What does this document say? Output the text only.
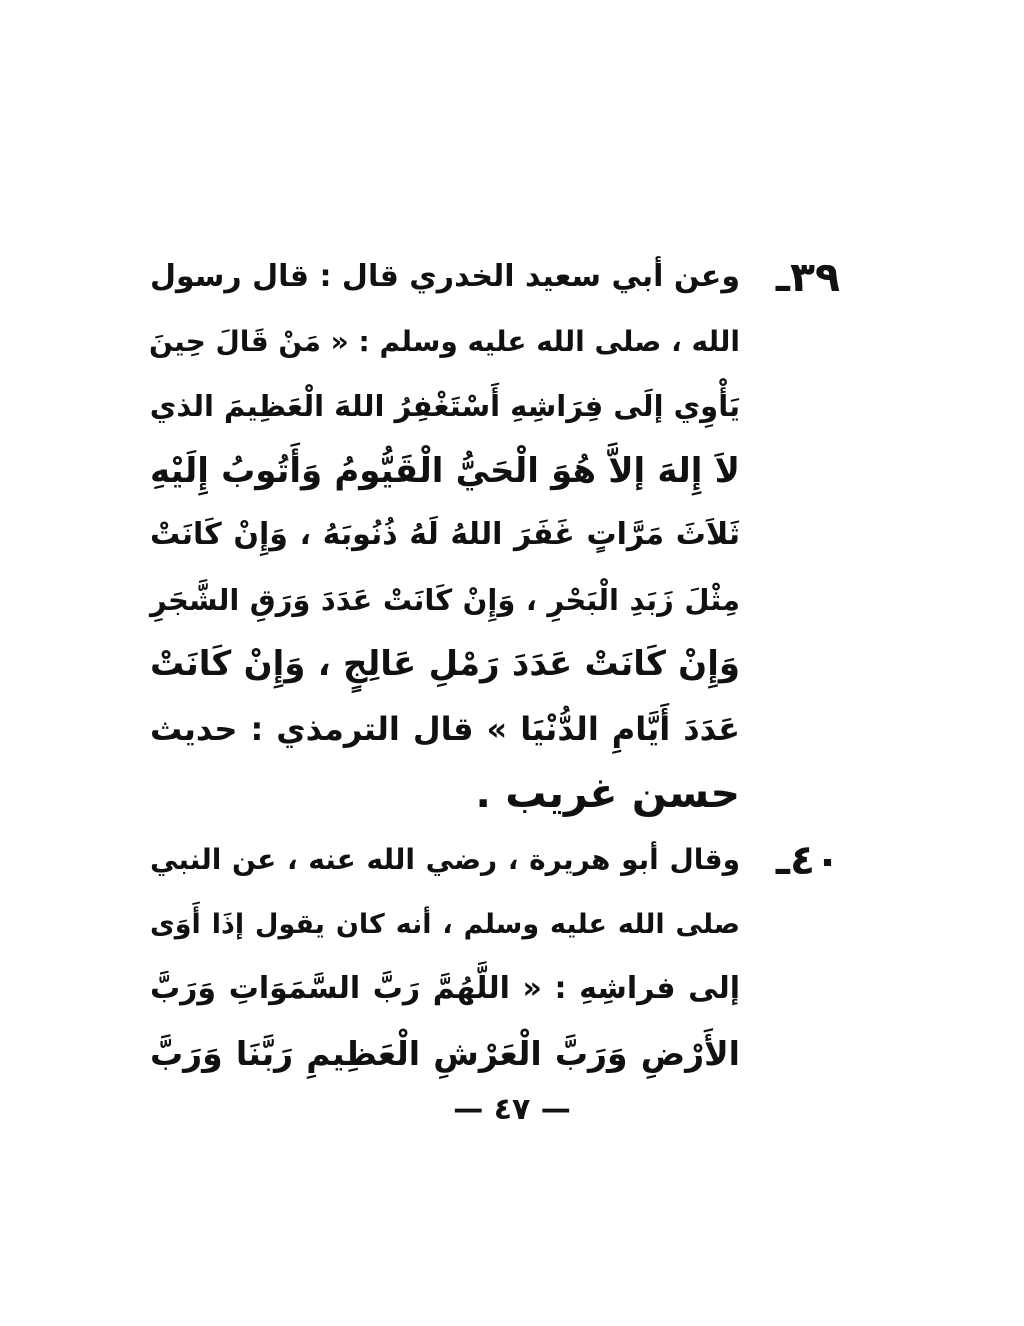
٣٩ـ
وعن أبي سعيد الخدري قال : قال رسول
الله ، صلى الله عليه وسلم : « مَنْ قَالَ حِينَ
يَأْوِي إلَى فِرَاشِهِ أَسْتَغْفِرُ اللهَ الْعَظِيمَ الذي
لاَ إِلهَ إلاَّ هُوَ الْحَيُّ الْقَيُّومُ وَأَتُوبُ إِلَيْهِ
ثَلاَثَ مَرَّاتٍ غَفَرَ اللهُ لَهُ ذُنُوبَهُ ، وَإِنْ كَانَتْ
مِثْلَ زَبَدِ الْبَحْرِ ، وَإِنْ كَانَتْ عَدَدَ وَرَقِ الشَّجَرِ
وَإِنْ كَانَتْ عَدَدَ رَمْلِ عَالِجٍ ، وَإِنْ كَانَتْ
عَدَدَ أَيَّامِ الدُّنْيَا » قال الترمذي : حديث
حسن غريب .
٤٠ـ
وقال أبو هريرة ، رضي الله عنه ، عن النبي
صلى الله عليه وسلم ، أنه كان يقول إذَا أَوَى
إلى فراشِهِ : « اللَّهُمَّ رَبَّ السَّمَوَاتِ وَرَبَّ
الأَرْضِ وَرَبَّ الْعَرْشِ الْعَظِيمِ رَبَّنَا وَرَبَّ
— ٤٧ —
